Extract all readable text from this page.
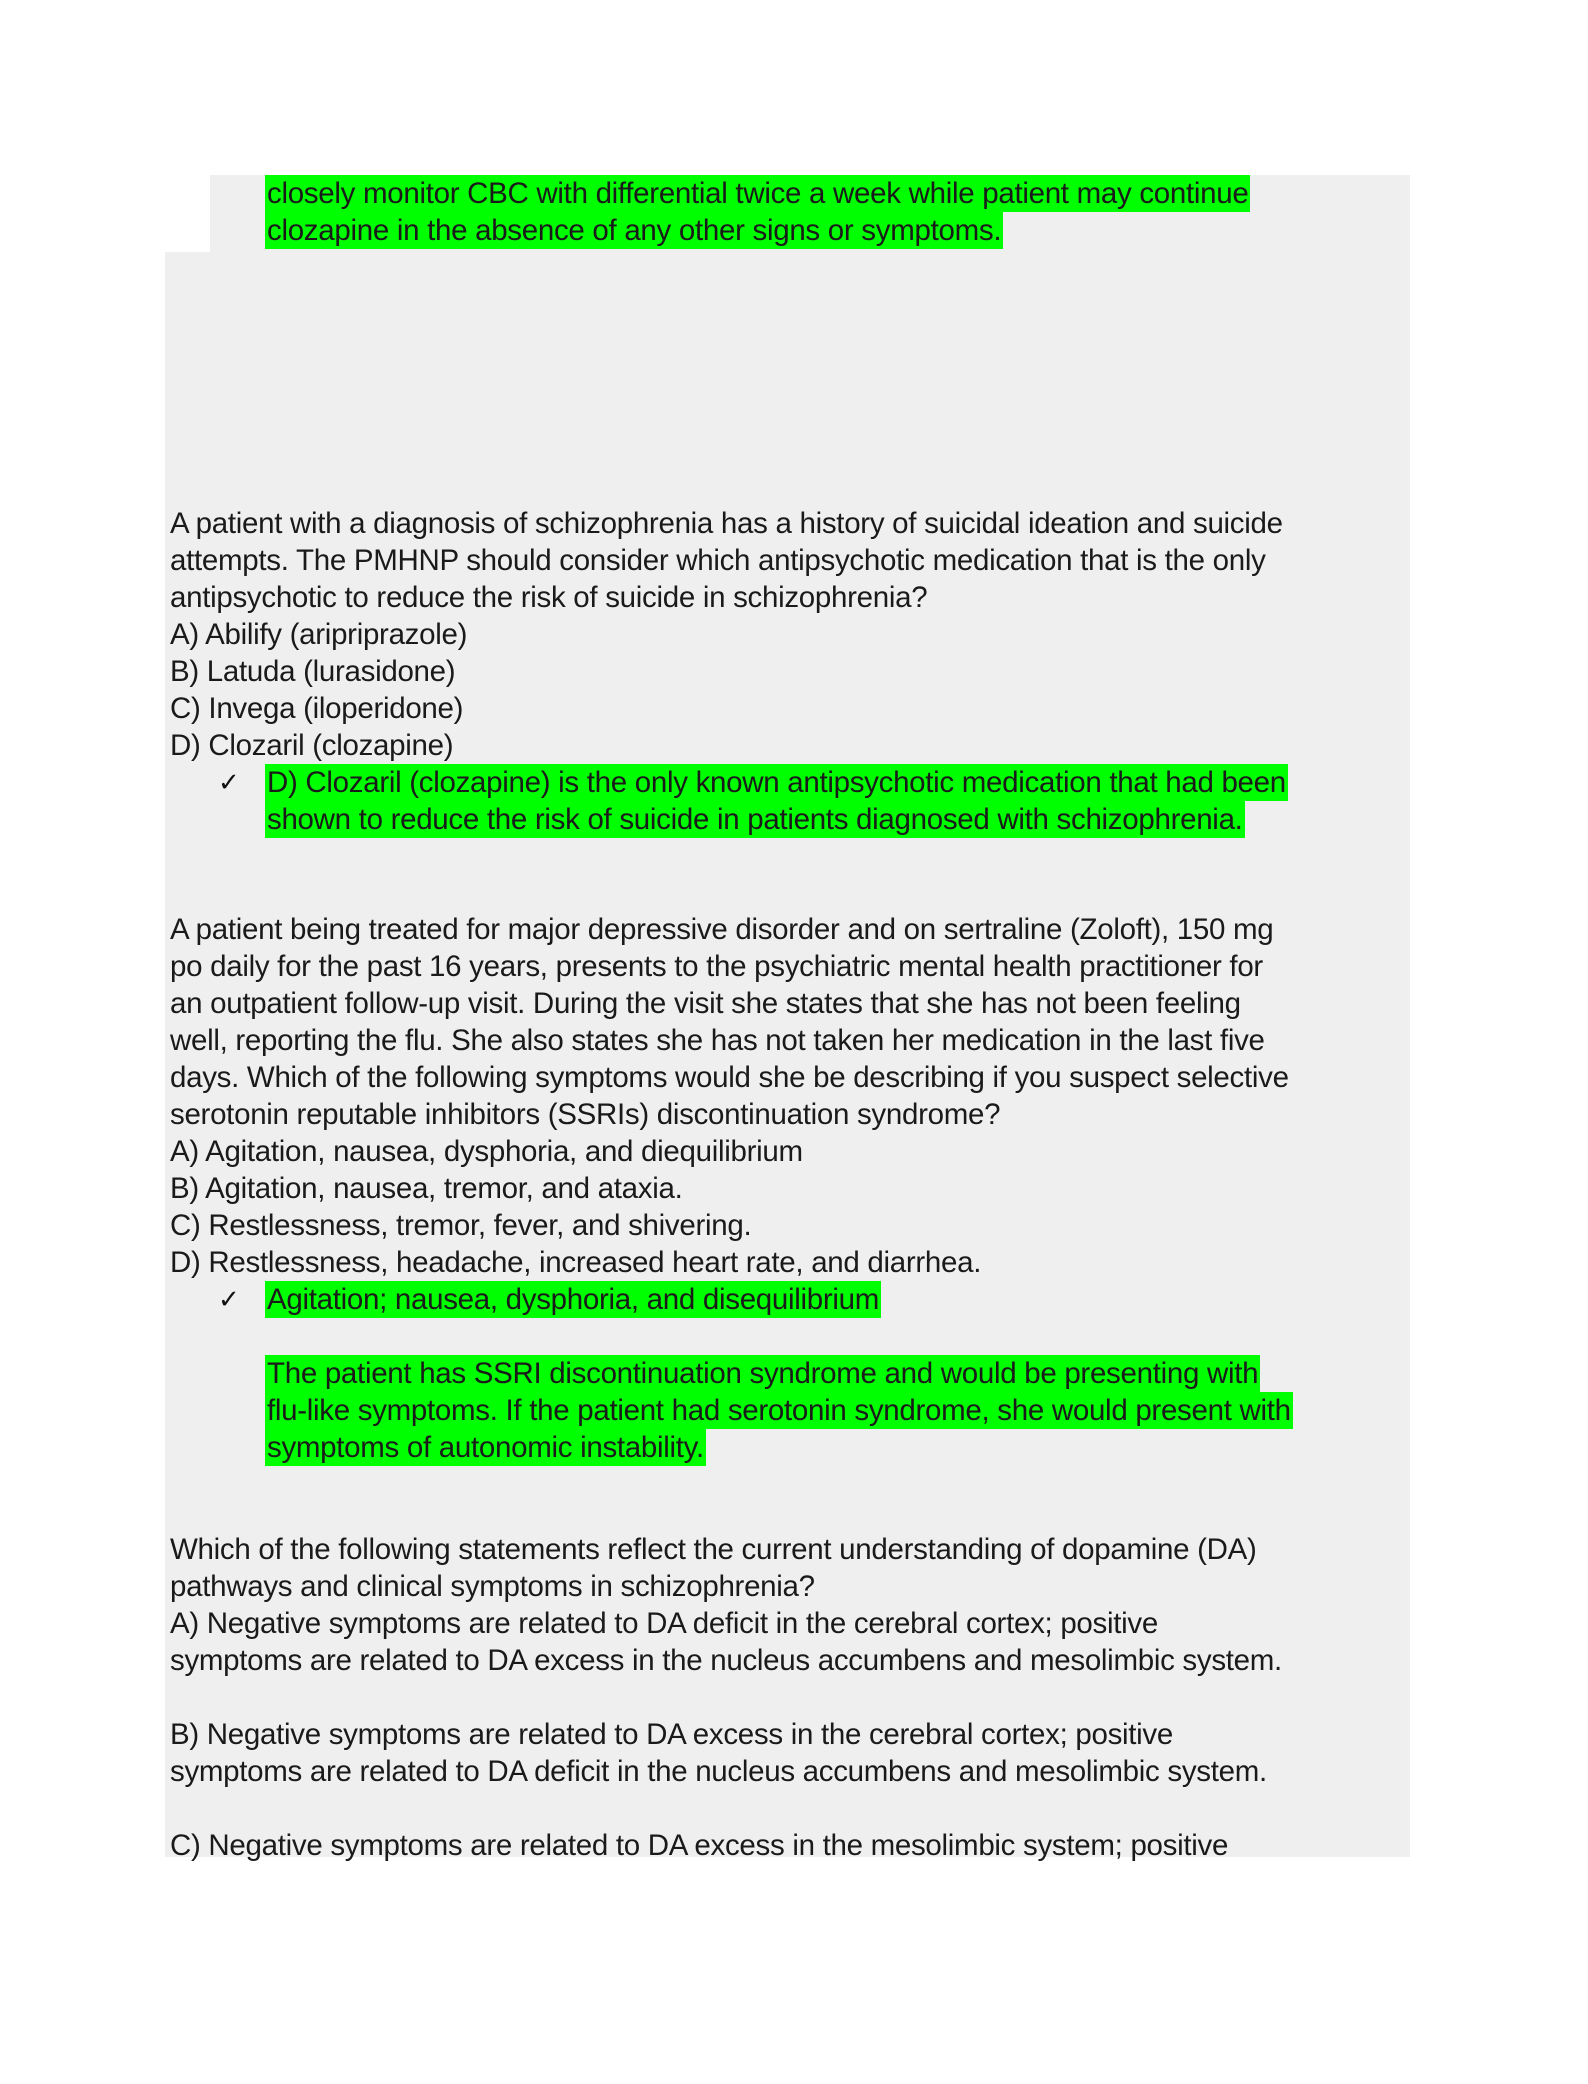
closely monitor CBC with differential twice a week while patient may continue
clozapine in the absence of any other signs or symptoms.
A patient with a diagnosis of schizophrenia has a history of suicidal ideation and suicide
attempts. The PMHNP should consider which antipsychotic medication that is the only
antipsychotic to reduce the risk of suicide in schizophrenia?
A) Abilify (aripriprazole)
B) Latuda (lurasidone)
C) Invega (iloperidone)
D) Clozaril (clozapine)
✓ D) Clozaril (clozapine) is the only known antipsychotic medication that had been
shown to reduce the risk of suicide in patients diagnosed with schizophrenia.
A patient being treated for major depressive disorder and on sertraline (Zoloft), 150 mg
po daily for the past 16 years, presents to the psychiatric mental health practitioner for
an outpatient follow-up visit. During the visit she states that she has not been feeling
well, reporting the flu. She also states she has not taken her medication in the last five
days. Which of the following symptoms would she be describing if you suspect selective
serotonin reputable inhibitors (SSRIs) discontinuation syndrome?
A) Agitation, nausea, dysphoria, and diequilibrium
B) Agitation, nausea, tremor, and ataxia.
C) Restlessness, tremor, fever, and shivering.
D) Restlessness, headache, increased heart rate, and diarrhea.
✓ Agitation; nausea, dysphoria, and disequilibrium
The patient has SSRI discontinuation syndrome and would be presenting with
flu-like symptoms. If the patient had serotonin syndrome, she would present with
symptoms of autonomic instability.
Which of the following statements reflect the current understanding of dopamine (DA)
pathways and clinical symptoms in schizophrenia?
A) Negative symptoms are related to DA deficit in the cerebral cortex; positive
symptoms are related to DA excess in the nucleus accumbens and mesolimbic system.
B) Negative symptoms are related to DA excess in the cerebral cortex; positive
symptoms are related to DA deficit in the nucleus accumbens and mesolimbic system.
C) Negative symptoms are related to DA excess in the mesolimbic system; positive
